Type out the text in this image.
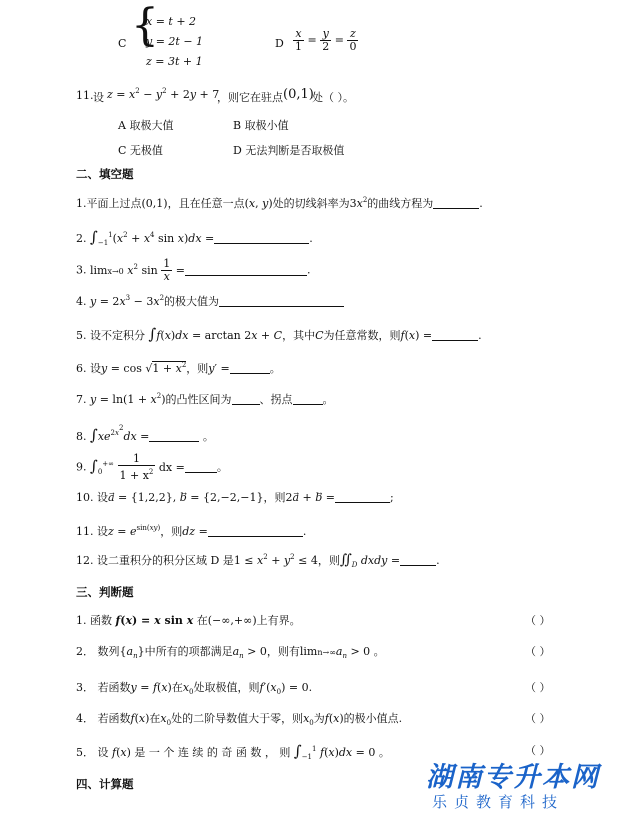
C {
x = t + 2
y = 2t − 1
z = 3t + 1
D $\frac{x}{1} = \frac{y}{2} = \frac{z}{0}$
11. 设 $z = x^2 - y^2 + 2y + 7$
，则它在驻点 (0,1)
处（ ）。
A 取极大值	B 取极小值
C 无极值	D 无法判断是否取极值
二、填空题
1.平面上过点(0,1)，且在任意一点(x, y)处的切线斜率为$3x^2$的曲线方程为	.
2. $\int_{-1}^1(x^2 + x^4$ sin x)dx =	.
3. limx→0 $x^2$ $\sin \frac{1}{x}$ =	.
4. $y = 2x^3 - 3x^2$的极大值为
5. 设不定积分 ∫f(x)dx = arctan 2x + C，其中C为任意常数，则f(x) =	.
6. 设$y = \cos √1 + x^2$，则y′ =	。
7. $y = \ln(1 + x^2)$的凸性区间为	、拐点	。
8. $\int xe^{2x^2}dx$ =	。
9. $\int_0^{+\infty} \frac{1}{1 + x^2}$ dx =	。
10. 设a⃗ = {1,2,2}, b⃗ = {2,−2,−1}，则2a⃗ + b⃗ =	;
11. 设$z = e^{sin(xy)}$，则dz =	.
12. 设二重积分的积分区域 D 是$1 \le x^2 + y^2 \le 4$，则$∬_D$ dxdy =	.
三、判断题
1. 函数 f(x) = x sin x 在(−∞,+∞)上有界。	（ ）
2． 数列$\{a_n\}$中所有的项都满足$a_n > 0$，则有$\lim n\to\infty a_n > 0$ 。	（ ）
3． 若函数y = f(x)在$x_0$处取极值，则$f'(x_0) = 0$.	（ ）
4． 若函数f(x)在$x_0$处的二阶导数值大于零，则$x_0$为f(x)的极小值点.	（ ）
5． 设 f(x) 是 一 个 连 续 的 奇 函 数 ， 则 $\int_{-1}^1$ f(x)dx = 0 。	（ ）
四、计算题	湖南专升本网
乐贞教育科技
